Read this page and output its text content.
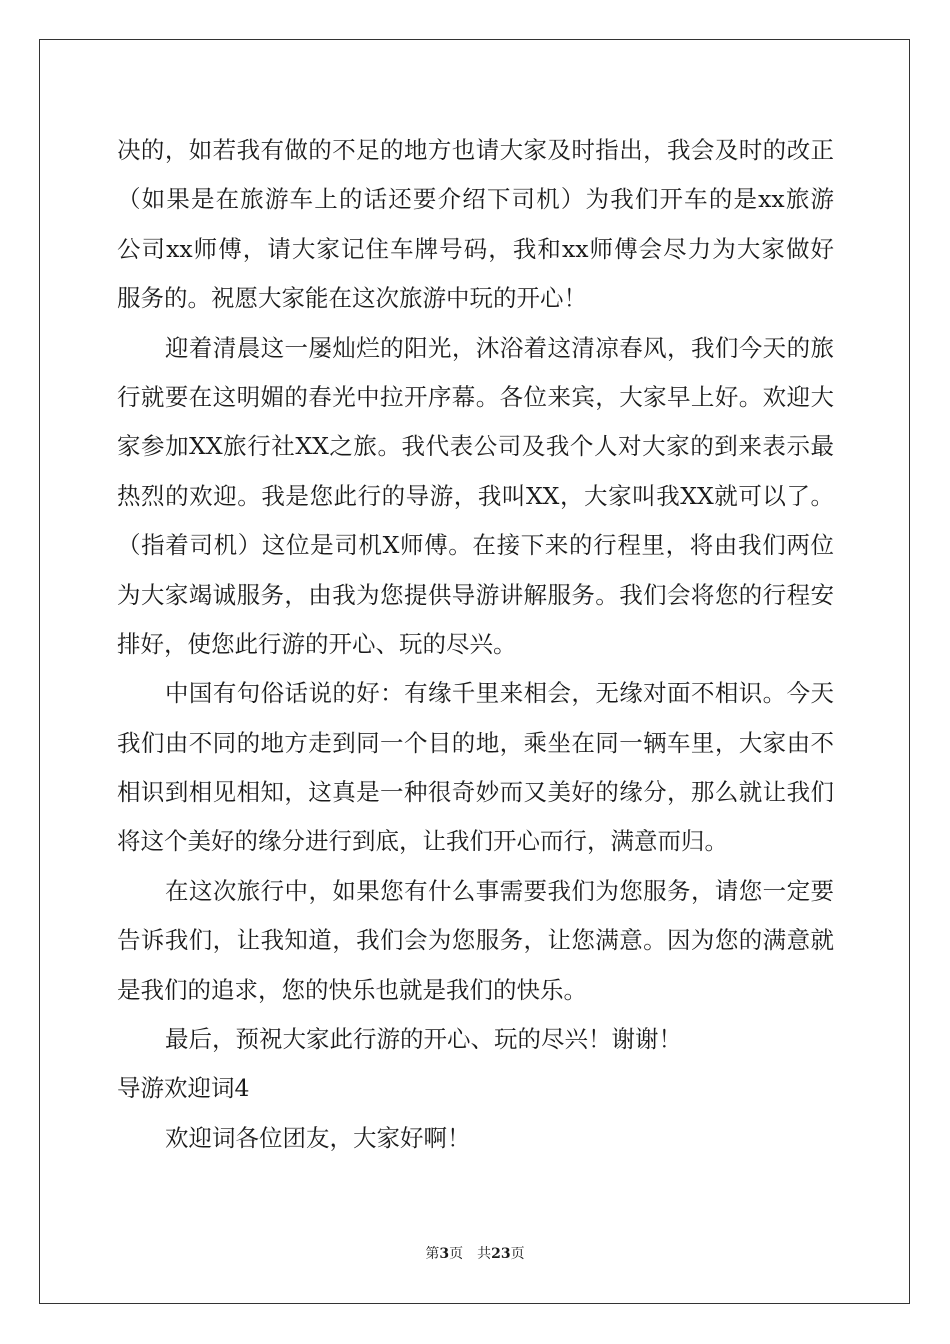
决的，如若我有做的不足的地方也请大家及时指出，我会及时的改正
（如果是在旅游车上的话还要介绍下司机）为我们开车的是xx旅游
公司xx师傅，请大家记住车牌号码，我和xx师傅会尽力为大家做好
服务的。祝愿大家能在这次旅游中玩的开心！
迎着清晨这一屡灿烂的阳光，沐浴着这清凉春风，我们今天的旅
行就要在这明媚的春光中拉开序幕。各位来宾，大家早上好。欢迎大
家参加XX旅行社XX之旅。我代表公司及我个人对大家的到来表示最
热烈的欢迎。我是您此行的导游，我叫XX，大家叫我XX就可以了。
（指着司机）这位是司机X师傅。在接下来的行程里，将由我们两位
为大家竭诚服务，由我为您提供导游讲解服务。我们会将您的行程安
排好，使您此行游的开心、玩的尽兴。
中国有句俗话说的好：有缘千里来相会，无缘对面不相识。今天
我们由不同的地方走到同一个目的地，乘坐在同一辆车里，大家由不
相识到相见相知，这真是一种很奇妙而又美好的缘分，那么就让我们
将这个美好的缘分进行到底，让我们开心而行，满意而归。
在这次旅行中，如果您有什么事需要我们为您服务，请您一定要
告诉我们，让我知道，我们会为您服务，让您满意。因为您的满意就
是我们的追求，您的快乐也就是我们的快乐。
最后，预祝大家此行游的开心、玩的尽兴！谢谢！
导游欢迎词4
欢迎词各位团友，大家好啊！
第3页 共23页
